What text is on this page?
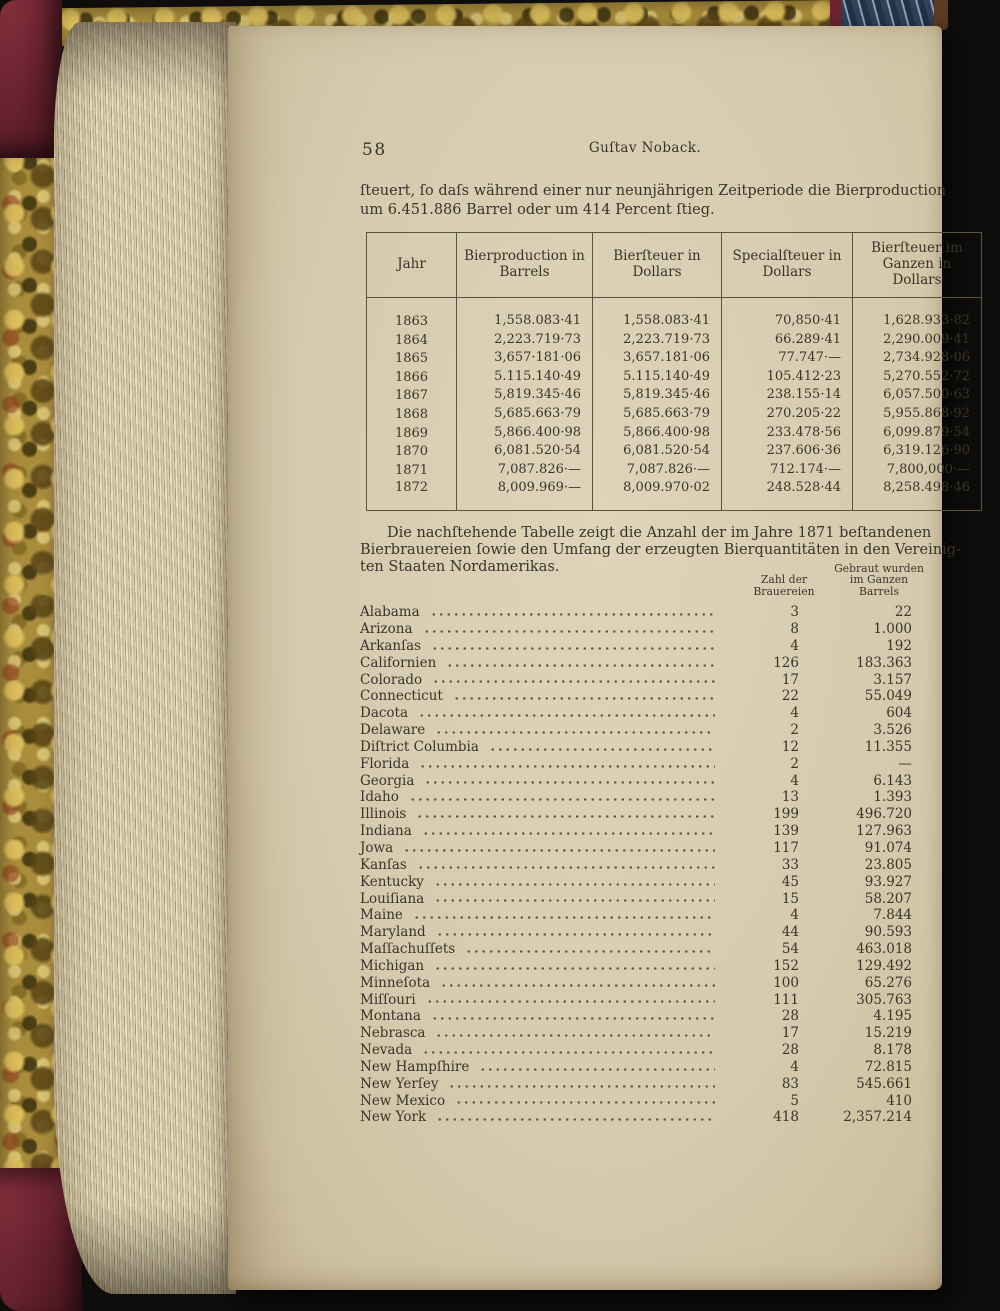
58	Guſtav Noback.
ſteuert, ſo daſs während einer nur neunjährigen Zeitperiode die Bierproduction
um 6.451.886 Barrel oder um 414 Percent ſtieg.
Jahr	Bierproduction in Barrels	Bierſteuer in Dollars	Specialſteuer in Dollars	Bierſteuer im Ganzen in Dollars
1863	1,558.083·41	1,558.083·41	70,850·41	1,628.933·82
1864	2,223.719·73	2,223.719·73	66.289·41	2,290.009·41
1865	3,657·181·06	3,657.181·06	77.747·—	2,734.928·06
1866	5.115.140·49	5.115.140·49	105.412·23	5,270.552·72
1867	5,819.345·46	5,819.345·46	238.155·14	6,057.500·63
1868	5,685.663·79	5,685.663·79	270.205·22	5,955.868·92
1869	5,866.400·98	5,866.400·98	233.478·56	6,099.879·54
1870	6,081.520·54	6,081.520·54	237.606·36	6,319.126·90
1871	7,087.826·—	7,087.826·—	712.174·—	7,800,000·—
1872	8,009.969·—	8,009.970·02	248.528·44	8,258.498·46
Die nachſtehende Tabelle zeigt die Anzahl der im Jahre 1871 beſtandenen
Bierbrauereien ſowie den Umfang der erzeugten Bierquantitäten in den Vereinig-
ten Staaten Nordamerikas.
Zahl der
Brauereien
Gebraut wurden
im Ganzen
Barrels
Alabama	3	22
Arizona	8	1.000
Arkanſas	4	192
Californien	126	183.363
Colorado	17	3.157
Connecticut	22	55.049
Dacota	4	604
Delaware	2	3.526
Diſtrict Columbia	12	11.355
Florida	2	—
Georgia	4	6.143
Idaho	13	1.393
Illinois	199	496.720
Indiana	139	127.963
Jowa	117	91.074
Kanſas	33	23.805
Kentucky	45	93.927
Louiſiana	15	58.207
Maine	4	7.844
Maryland	44	90.593
Maſſachuſſets	54	463.018
Michigan	152	129.492
Minneſota	100	65.276
Miſſouri	111	305.763
Montana	28	4.195
Nebrasca	17	15.219
Nevada	28	8.178
New Hampſhire	4	72.815
New Yerſey	83	545.661
New Mexico	5	410
New York	418	2,357.214
